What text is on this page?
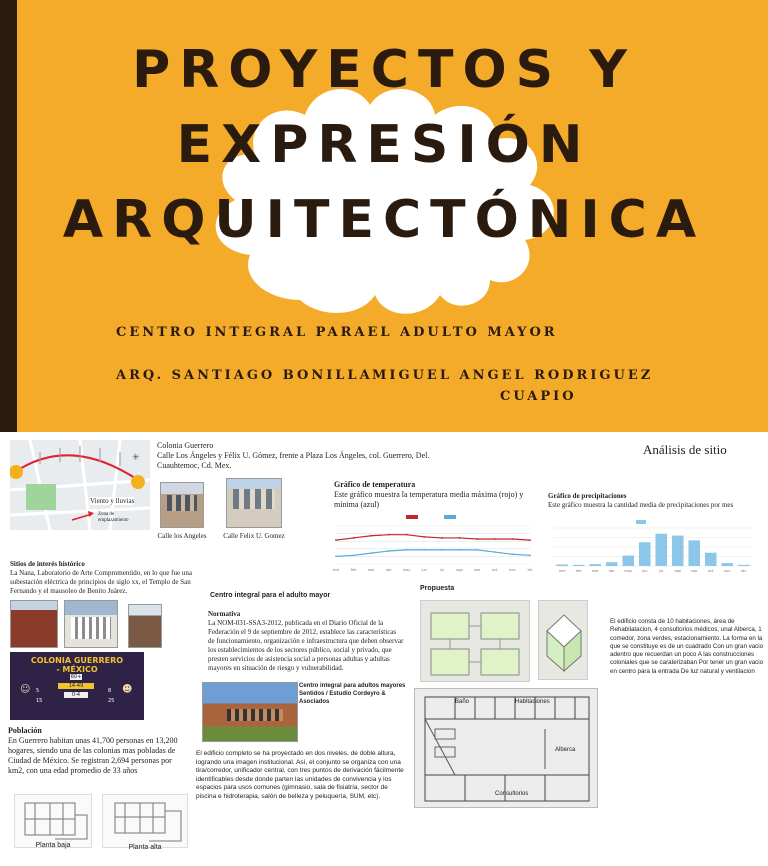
PROYECTOS Y
EXPRESIÓN
ARQUITECTÓNICA
CENTRO INTEGRAL PARAEL ADULTO MAYOR
ARQ. SANTIAGO BONILLA MIGUEL ANGEL RODRIGUEZ
CUAPIO
Análisis de sitio
✳
Viento y lluvias
Zona de emplazamiento
Colonia Guerrero
Calle Los Ángeles y Félix U. Gómez, frente a Plaza Los Ángeles, col. Guerrero, Del. Cuauhtemoc, Cd. Mex.
Calle los Angeles	Calle Felix U. Gomez
Gráfico de temperatura
Este gráfico muestra la temperatura media máxima (rojo) y mínima (azul)
ene	feb	mar	abr	may	jun	jul	ago	sep	oct	nov	dic
Gráfico de precipitaciones
Este gráfico muestra la cantidad media de precipitaciones por mes
ene	feb	mar	abr	may	jun	jul	ago	sep	oct	nov	dic
Sitios de interés histórico
La Nana, Laboratorio de Arte Compromentido, en lo que fue una subestación eléctrica de principios de siglo xx, el Templo de San Fernando y el mausoleo de Benito Juárez.
COLONIA GUERRERO
- MÉXICO
☺	☻
60+
14-49
0-4
5
15
8
25
Población
En Guerrero habitan unas 41,700 personas en 13,200 hogares, siendo una de las colonias mas pobladas de Ciudad de México. Se registran 2,694 personas por km2, con una edad promedio de 33 años
Planta baja	Planta alta
Centro integral para el adulto mayor
Normativa
La NOM-031-SSA3-2012, publicada en el Diario Oficial de la Federación el 9 de septiembre de 2012, establece las características de funcionamiento, organización e infraestructura que deben observar los establecimientos de los sectores público, social y privado, que presten servicios de asistencia social a personas adultas y adultas mayores en situación de riesgo y vulnerabilidad.
Centro integral para adultos mayores Sentidos / Estudio Cordeyro & Asociados
El edificio completo se ha proyectado en dos niveles, de doble altura, logrando una imagen institucional. Así, el conjunto se organiza con una tira/corredor, unificador central, con tres puntos de derivación fácilmente identificables desde donde parten las unidades de convivencia y los espacios para usos comunes (gimnasio, sala de fisiatría, sector de piscina e hidroterapia, salón de belleza y peluquería, SUM, etc).
Propuesta
El edificio consta de 10 habitaciones, área de Rehabilatacion, 4 consultorios médicos, unal Alberca, 1 comedor, zona verdes, estacionamiento. La forma en la que se constituye es de un cuadrado Con un gran vacio adentro que recuerdan un poco A las construcciones coloniales que se caraterizaban Por tener un gran vacio en centro para la entrada De luz natural y ventilacion
Baño	Habitaciones
Alberca
Consultorios
